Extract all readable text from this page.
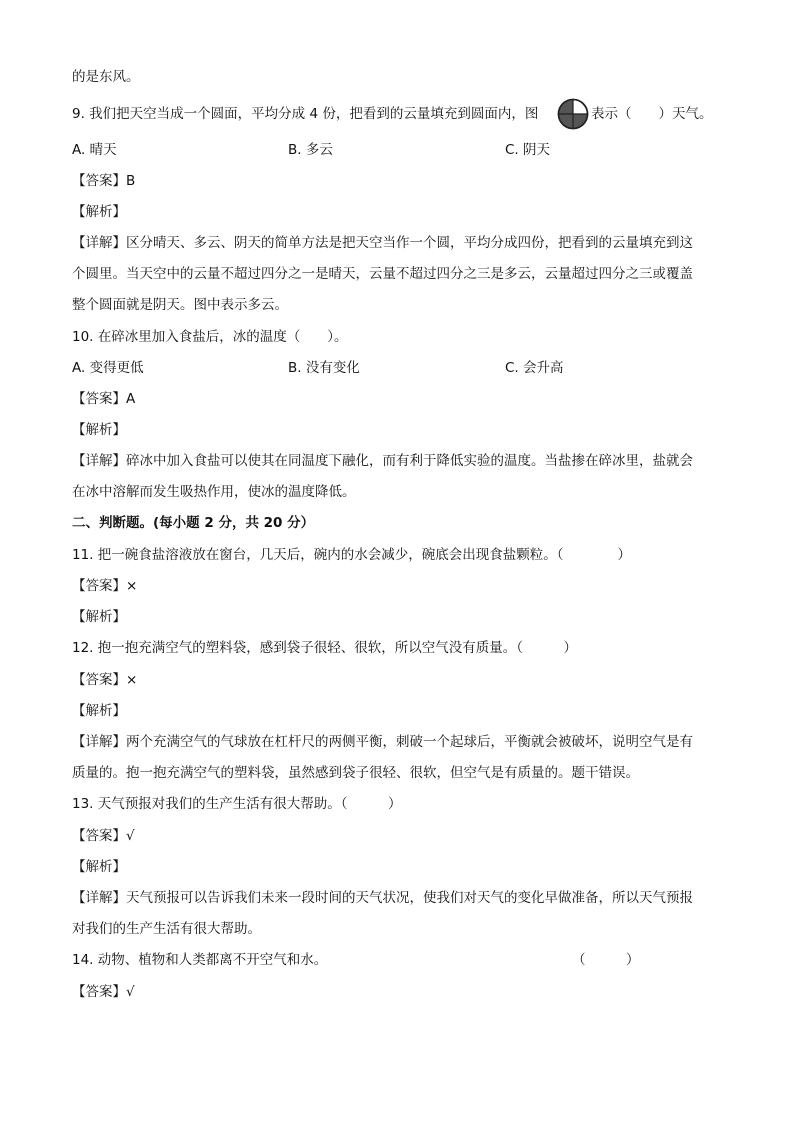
的是东风。
9. 我们把天空当成一个圆面，平均分成 4 份，把看到的云量填充到圆面内，图	表示（　　）天气。
A. 晴天	B. 多云	C. 阴天
【答案】B
【解析】
【详解】区分晴天、多云、阴天的简单方法是把天空当作一个圆，平均分成四份，把看到的云量填充到这
个圆里。当天空中的云量不超过四分之一是晴天，云量不超过四分之三是多云，云量超过四分之三或覆盖
整个圆面就是阴天。图中表示多云。
10. 在碎冰里加入食盐后，冰的温度（　　）。
A. 变得更低	B. 没有变化	C. 会升高
【答案】A
【解析】
【详解】碎冰中加入食盐可以使其在同温度下融化，而有利于降低实验的温度。当盐掺在碎冰里，盐就会
在冰中溶解而发生吸热作用，使冰的温度降低。
二、判断题。(每小题 2 分，共 20 分）
11. 把一碗食盐溶液放在窗台，几天后，碗内的水会减少，碗底会出现食盐颗粒。（　　　　）
【答案】×
【解析】
12. 抱一抱充满空气的塑料袋，感到袋子很轻、很软，所以空气没有质量。（　　　）
【答案】×
【解析】
【详解】两个充满空气的气球放在杠杆尺的两侧平衡，刺破一个起球后，平衡就会被破坏，说明空气是有
质量的。抱一抱充满空气的塑料袋，虽然感到袋子很轻、很软，但空气是有质量的。题干错误。
13. 天气预报对我们的生产生活有很大帮助。（　　　）
【答案】√
【解析】
【详解】天气预报可以告诉我们未来一段时间的天气状况，使我们对天气的变化早做准备，所以天气预报
对我们的生产生活有很大帮助。
14. 动物、植物和人类都离不开空气和水。	（　　　）
【答案】√
